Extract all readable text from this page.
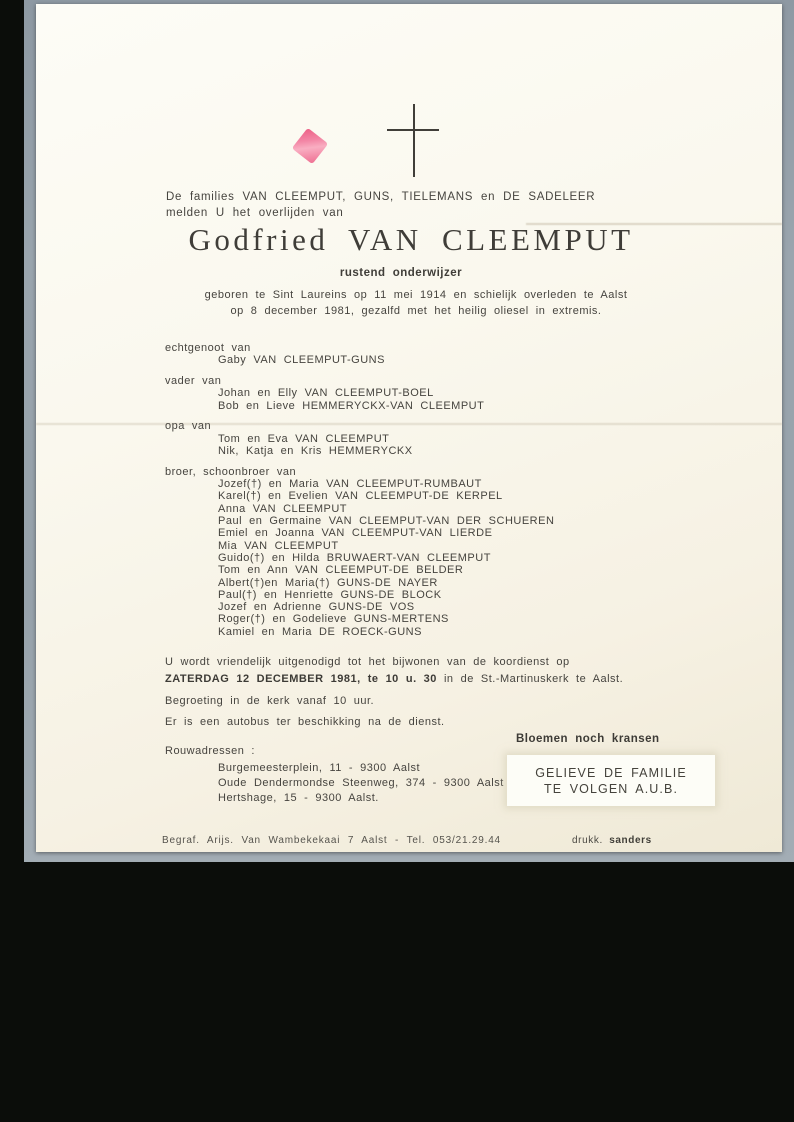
De families VAN CLEEMPUT, GUNS, TIELEMANS en DE SADELEER
melden U het overlijden van
Godfried VAN CLEEMPUT
rustend onderwijzer
geboren te Sint Laureins op 11 mei 1914 en schielijk overleden te Aalst
op 8 december 1981, gezalfd met het heilig oliesel in extremis.
echtgenoot van
Gaby VAN CLEEMPUT-GUNS
vader van
Johan en Elly VAN CLEEMPUT-BOEL
Bob en Lieve HEMMERYCKX-VAN CLEEMPUT
opa van
Tom en Eva VAN CLEEMPUT
Nik, Katja en Kris HEMMERYCKX
broer, schoonbroer van
Jozef(†) en Maria VAN CLEEMPUT-RUMBAUT
Karel(†) en Evelien VAN CLEEMPUT-DE KERPEL
Anna VAN CLEEMPUT
Paul en Germaine VAN CLEEMPUT-VAN DER SCHUEREN
Emiel en Joanna VAN CLEEMPUT-VAN LIERDE
Mia VAN CLEEMPUT
Guido(†) en Hilda BRUWAERT-VAN CLEEMPUT
Tom en Ann VAN CLEEMPUT-DE BELDER
Albert(†)en Maria(†) GUNS-DE NAYER
Paul(†) en Henriette GUNS-DE BLOCK
Jozef en Adrienne GUNS-DE VOS
Roger(†) en Godelieve GUNS-MERTENS
Kamiel en Maria DE ROECK-GUNS
U wordt vriendelijk uitgenodigd tot het bijwonen van de koordienst op
ZATERDAG 12 DECEMBER 1981, te 10 u. 30 in de St.-Martinuskerk te Aalst.
Begroeting in de kerk vanaf 10 uur.
Er is een autobus ter beschikking na de dienst.
Bloemen noch kransen
Rouwadressen :
Burgemeesterplein, 11 - 9300 Aalst
Oude Dendermondse Steenweg, 374 - 9300 Aalst
Hertshage, 15 - 9300 Aalst.
GELIEVE DE FAMILIE
TE VOLGEN A.U.B.
Begraf. Arijs. Van Wambekekaai 7 Aalst - Tel. 053/21.29.44	drukk. sanders
